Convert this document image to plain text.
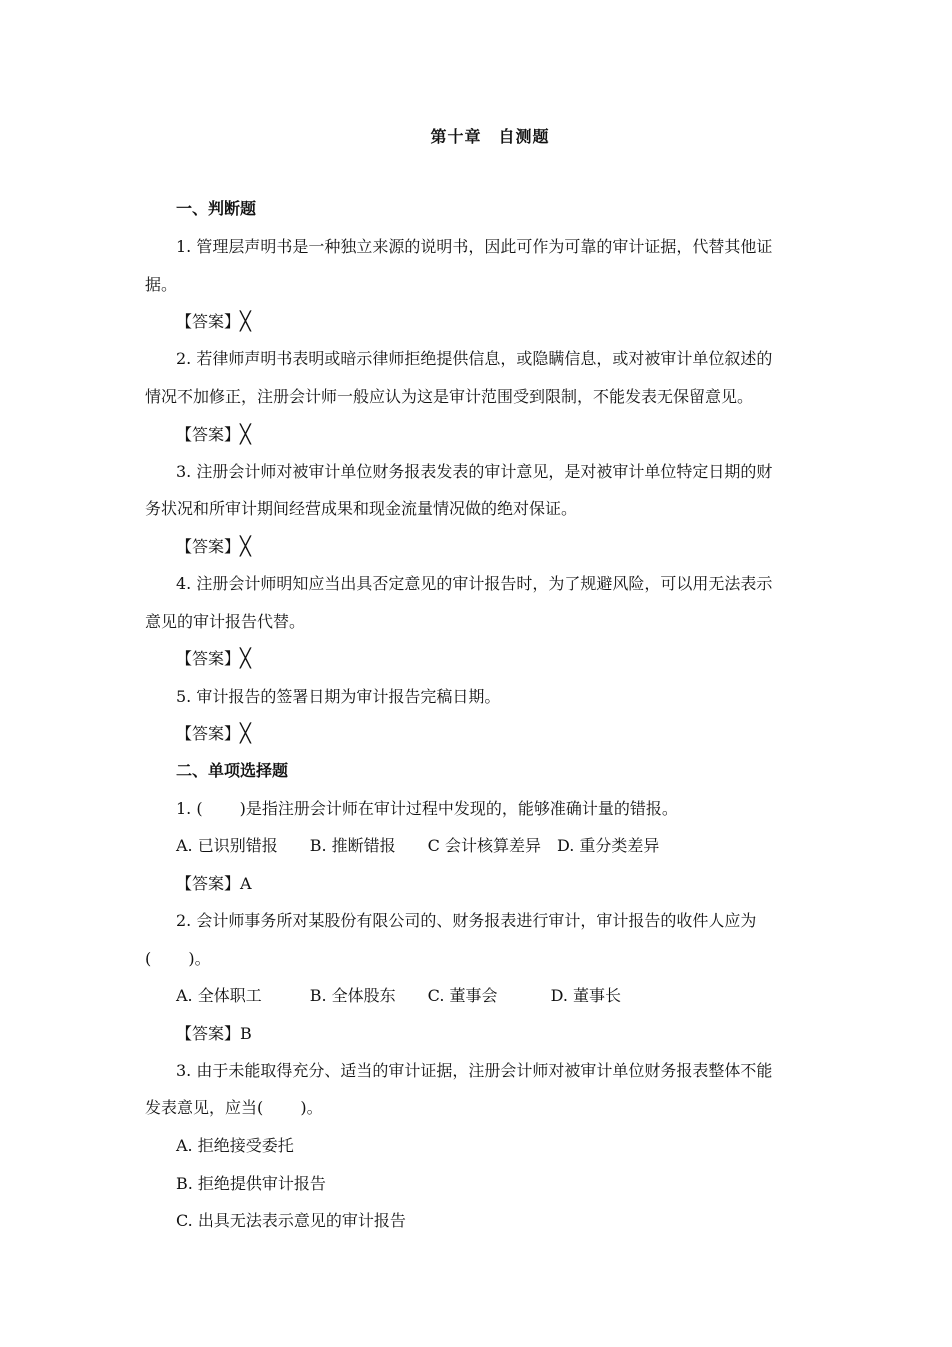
第十章　自测题
一、判断题
1. 管理层声明书是一种独立来源的说明书，因此可作为可靠的审计证据，代替其他证
据。
【答案】╳
2. 若律师声明书表明或暗示律师拒绝提供信息，或隐瞒信息，或对被审计单位叙述的
情况不加修正，注册会计师一般应认为这是审计范围受到限制，不能发表无保留意见。
【答案】╳
3. 注册会计师对被审计单位财务报表发表的审计意见，是对被审计单位特定日期的财
务状况和所审计期间经营成果和现金流量情况做的绝对保证。
【答案】╳
4. 注册会计师明知应当出具否定意见的审计报告时，为了规避风险，可以用无法表示
意见的审计报告代替。
【答案】╳
5. 审计报告的签署日期为审计报告完稿日期。
【答案】╳
二、单项选择题
1. (　　 )是指注册会计师在审计过程中发现的，能够准确计量的错报。
A. 已识别错报　　B. 推断错报　　C 会计核算差异　D. 重分类差异
【答案】A
2. 会计师事务所对某股份有限公司的、财务报表进行审计，审计报告的收件人应为
(　　 )。
A. 全体职工　　　B. 全体股东　　C. 董事会　　　 D. 董事长
【答案】B
3. 由于未能取得充分、适当的审计证据，注册会计师对被审计单位财务报表整体不能
发表意见，应当(　　 )。
A. 拒绝接受委托
B. 拒绝提供审计报告
C. 出具无法表示意见的审计报告
